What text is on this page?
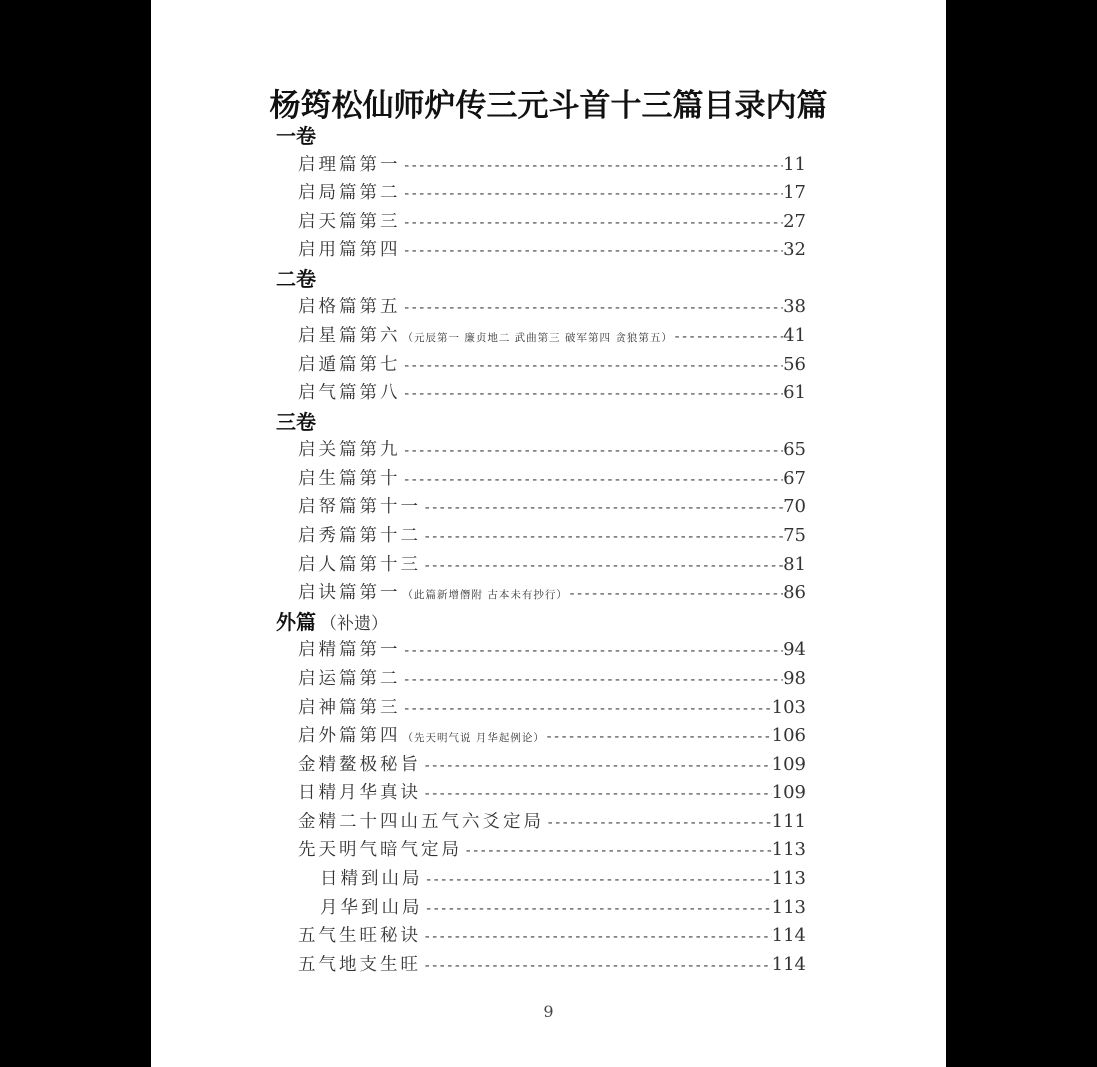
杨筠松仙师炉传三元斗首十三篇目录内篇
一卷
启理篇第一 -----	11
启局篇第二 -----	17
启天篇第三 -----	27
启用篇第四 -----	32
二卷
启格篇第五 -----	38
启星篇第六 （元辰第一 廉贞地二 武曲第三 破军第四 贪狼第五） -----	41
启遁篇第七 -----	56
启气篇第八 -----	61
三卷
启关篇第九 -----	65
启生篇第十 -----	67
启帑篇第十一 -----	70
启秀篇第十二 -----	75
启人篇第十三 -----	81
启诀篇第一 （此篇新增僭附 古本未有抄行） -----	86
外篇 （补遗）
启精篇第一 -----	94
启运篇第二 -----	98
启神篇第三 -----	103
启外篇第四 （先天明气说 月华起例论） -----	106
金精鳌极秘旨 -----	109
日精月华真诀 -----	109
金精二十四山五气六爻定局 -----	111
先天明气暗气定局 -----	113
日精到山局 -----	113
月华到山局 -----	113
五气生旺秘诀 -----	114
五气地支生旺 -----	114
9
